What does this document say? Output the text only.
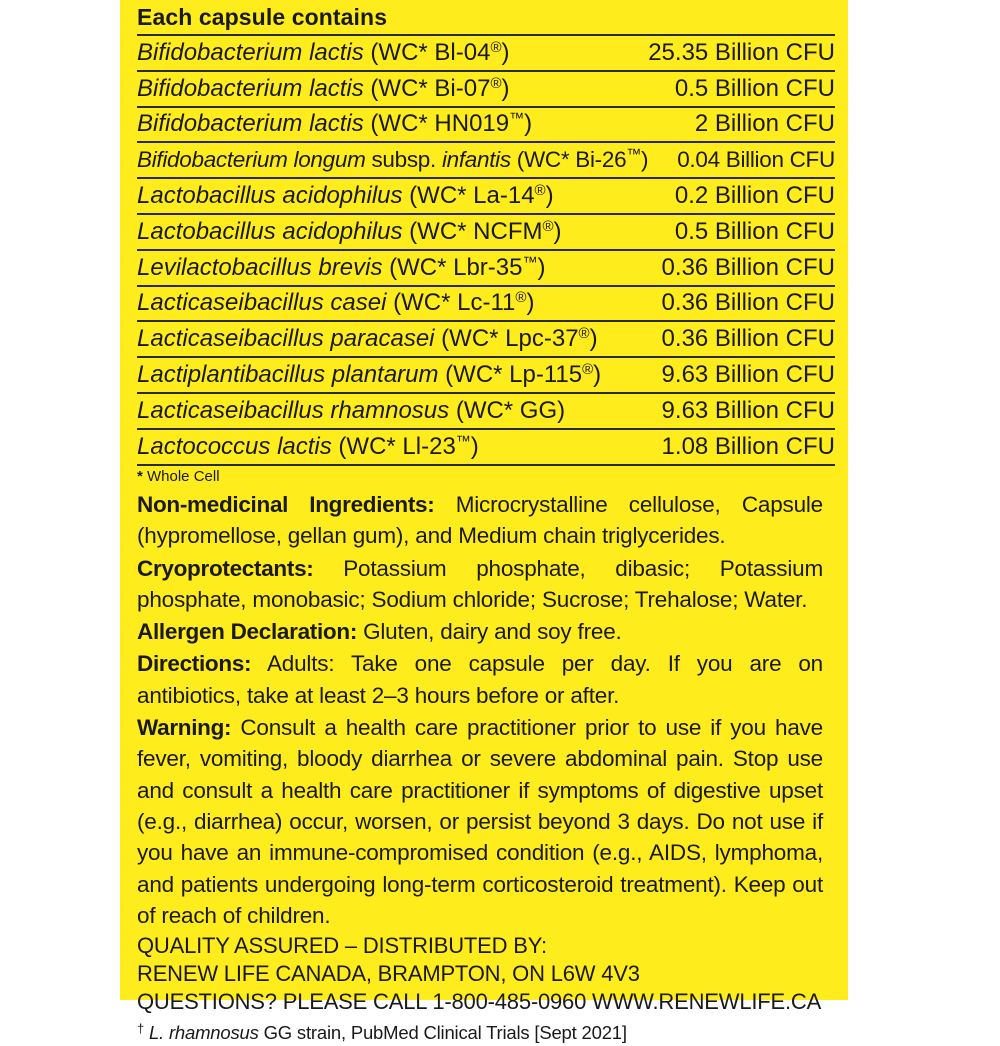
Each capsule contains
Bifidobacterium lactis (WC* Bl-04®)	25.35 Billion CFU
Bifidobacterium lactis (WC* Bi-07®)	0.5 Billion CFU
Bifidobacterium lactis (WC* HN019™)	2 Billion CFU
Bifidobacterium longum subsp. infantis (WC* Bi-26™)	0.04 Billion CFU
Lactobacillus acidophilus (WC* La-14®)	0.2 Billion CFU
Lactobacillus acidophilus (WC* NCFM®)	0.5 Billion CFU
Levilactobacillus brevis (WC* Lbr-35™)	0.36 Billion CFU
Lacticaseibacillus casei (WC* Lc-11®)	0.36 Billion CFU
Lacticaseibacillus paracasei (WC* Lpc-37®)	0.36 Billion CFU
Lactiplantibacillus plantarum (WC* Lp-115®)	9.63 Billion CFU
Lacticaseibacillus rhamnosus (WC* GG)	9.63 Billion CFU
Lactococcus lactis (WC* Ll-23™)	1.08 Billion CFU
* Whole Cell

Non-medicinal Ingredients: Microcrystalline cellulose, Capsule (hypromellose, gellan gum), and Medium chain triglycerides.

Cryoprotectants: Potassium phosphate, dibasic; Potassium phosphate, monobasic; Sodium chloride; Sucrose; Trehalose; Water.

Allergen Declaration: Gluten, dairy and soy free.

Directions: Adults: Take one capsule per day. If you are on antibiotics, take at least 2–3 hours before or after.

Warning: Consult a health care practitioner prior to use if you have fever, vomiting, bloody diarrhea or severe abdominal pain. Stop use and consult a health care practitioner if symptoms of digestive upset (e.g., diarrhea) occur, worsen, or persist beyond 3 days. Do not use if you have an immune-compromised condition (e.g., AIDS, lymphoma, and patients undergoing long-term corticosteroid treatment). Keep out of reach of children.

QUALITY ASSURED – DISTRIBUTED BY:

RENEW LIFE CANADA, BRAMPTON, ON L6W 4V3

QUESTIONS? PLEASE CALL 1-800-485-0960 WWW.RENEWLIFE.CA

† L. rhamnosus GG strain, PubMed Clinical Trials [Sept 2021]
